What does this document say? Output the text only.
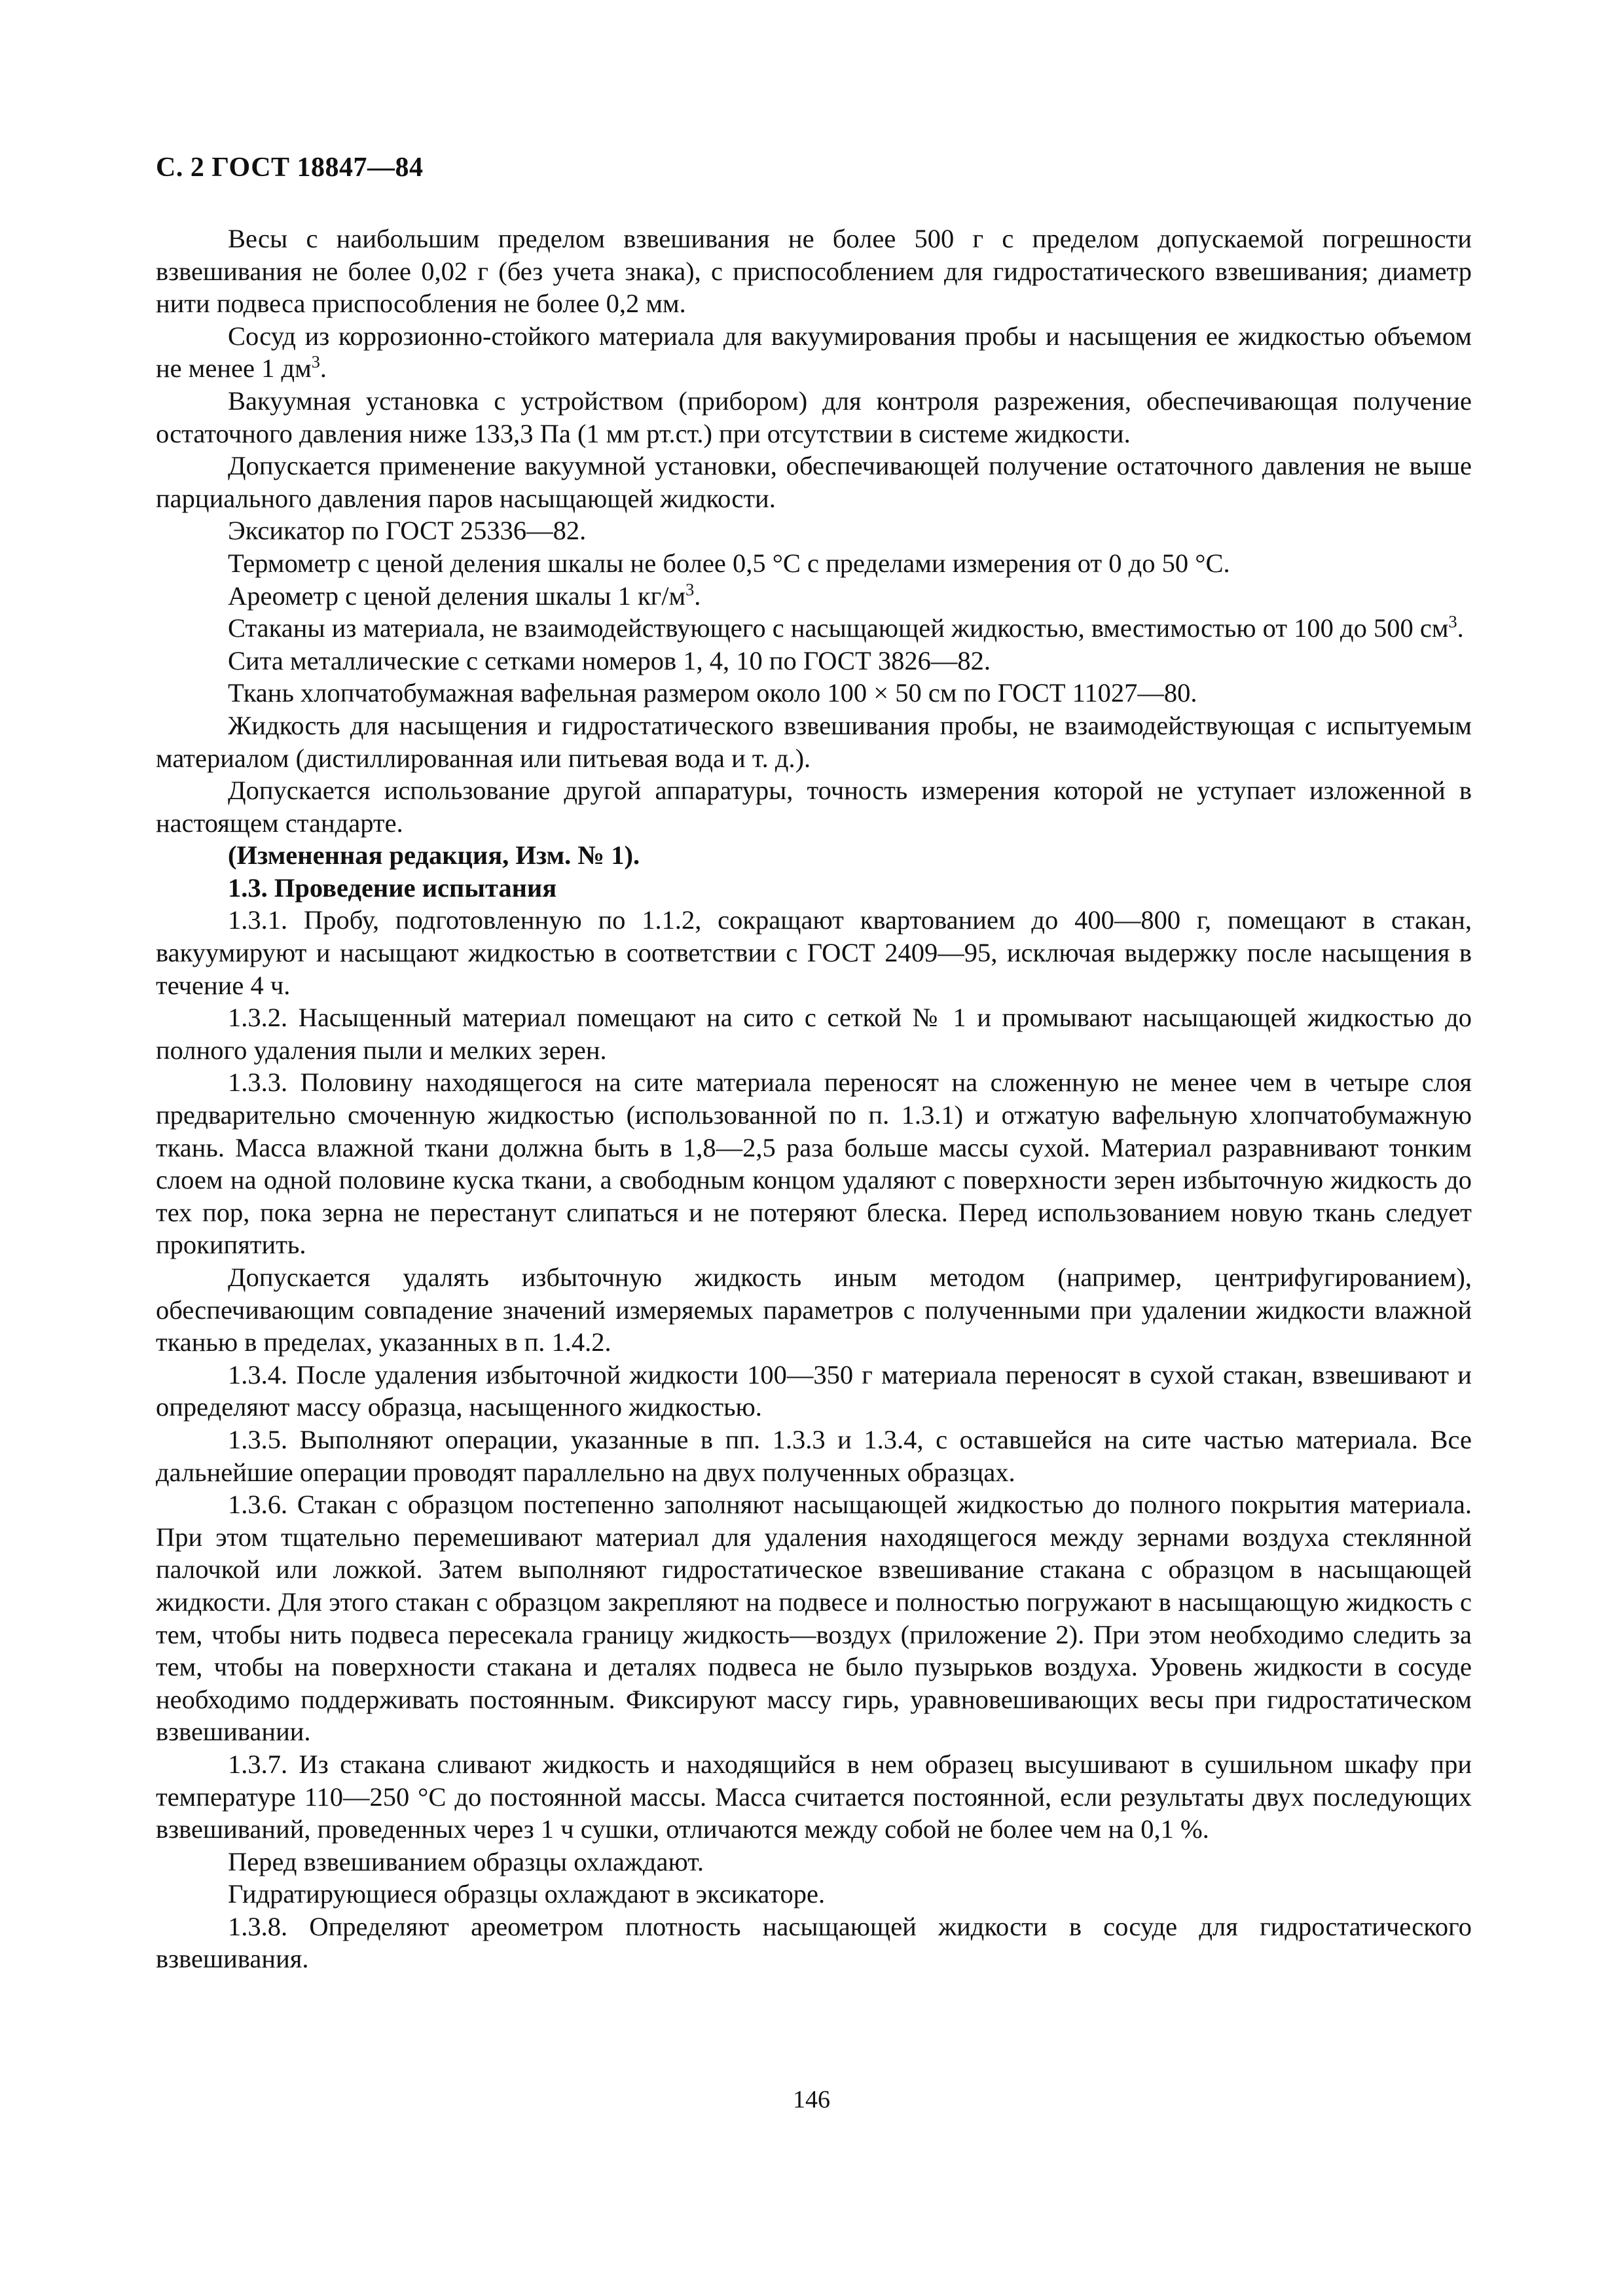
С. 2 ГОСТ 18847—84

Весы с наибольшим пределом взвешивания не более 500 г с пределом допускаемой погрешности взвешивания не более 0,02 г (без учета знака), с приспособлением для гидростатического взвешивания; диаметр нити подвеса приспособления не более 0,2 мм.

Сосуд из коррозионно-стойкого материала для вакуумирования пробы и насыщения ее жидкостью объемом не менее 1 $дм^3$.

Вакуумная установка с устройством (прибором) для контроля разрежения, обеспечивающая получение остаточного давления ниже 133,3 Па (1 мм рт.ст.) при отсутствии в системе жидкости.

Допускается применение вакуумной установки, обеспечивающей получение остаточного давления не выше парциального давления паров насыщающей жидкости.

Эксикатор по ГОСТ 25336—82.

Термометр с ценой деления шкалы не более 0,5 °С с пределами измерения от 0 до 50 °С.

Ареометр с ценой деления шкалы 1 $кг/м^3$.

Стаканы из материала, не взаимодействующего с насыщающей жидкостью, вместимостью от 100 до 500 $см^3$.

Сита металлические с сетками номеров 1, 4, 10 по ГОСТ 3826—82.

Ткань хлопчатобумажная вафельная размером около 100 × 50 см по ГОСТ 11027—80.

Жидкость для насыщения и гидростатического взвешивания пробы, не взаимодействующая с испытуемым материалом (дистиллированная или питьевая вода и т. д.).

Допускается использование другой аппаратуры, точность измерения которой не уступает изложенной в настоящем стандарте.

(Измененная редакция, Изм. № 1).

1.3. Проведение испытания

1.3.1. Пробу, подготовленную по 1.1.2, сокращают квартованием до 400—800 г, помещают в стакан, вакуумируют и насыщают жидкостью в соответствии с ГОСТ 2409—95, исключая выдержку после насыщения в течение 4 ч.

1.3.2. Насыщенный материал помещают на сито с сеткой № 1 и промывают насыщающей жидкостью до полного удаления пыли и мелких зерен.

1.3.3. Половину находящегося на сите материала переносят на сложенную не менее чем в четыре слоя предварительно смоченную жидкостью (использованной по п. 1.3.1) и отжатую вафельную хлопчатобумажную ткань. Масса влажной ткани должна быть в 1,8—2,5 раза больше массы сухой. Материал разравнивают тонким слоем на одной половине куска ткани, а свободным концом удаляют с поверхности зерен избыточную жидкость до тех пор, пока зерна не перестанут слипаться и не потеряют блеска. Перед использованием новую ткань следует прокипятить.

Допускается удалять избыточную жидкость иным методом (например, центрифугированием), обеспечивающим совпадение значений измеряемых параметров с полученными при удалении жидкости влажной тканью в пределах, указанных в п. 1.4.2.

1.3.4. После удаления избыточной жидкости 100—350 г материала переносят в сухой стакан, взвешивают и определяют массу образца, насыщенного жидкостью.

1.3.5. Выполняют операции, указанные в пп. 1.3.3 и 1.3.4, с оставшейся на сите частью материала. Все дальнейшие операции проводят параллельно на двух полученных образцах.

1.3.6. Стакан с образцом постепенно заполняют насыщающей жидкостью до полного покрытия материала. При этом тщательно перемешивают материал для удаления находящегося между зернами воздуха стеклянной палочкой или ложкой. Затем выполняют гидростатическое взвешивание стакана с образцом в насыщающей жидкости. Для этого стакан с образцом закрепляют на подвесе и полностью погружают в насыщающую жидкость с тем, чтобы нить подвеса пересекала границу жидкость—воздух (приложение 2). При этом необходимо следить за тем, чтобы на поверхности стакана и деталях подвеса не было пузырьков воздуха. Уровень жидкости в сосуде необходимо поддерживать постоянным. Фиксируют массу гирь, уравновешивающих весы при гидростатическом взвешивании.

1.3.7. Из стакана сливают жидкость и находящийся в нем образец высушивают в сушильном шкафу при температуре 110—250 °С до постоянной массы. Масса считается постоянной, если результаты двух последующих взвешиваний, проведенных через 1 ч сушки, отличаются между собой не более чем на 0,1 %.

Перед взвешиванием образцы охлаждают.

Гидратирующиеся образцы охлаждают в эксикаторе.

1.3.8. Определяют ареометром плотность насыщающей жидкости в сосуде для гидростатического взвешивания.

146
